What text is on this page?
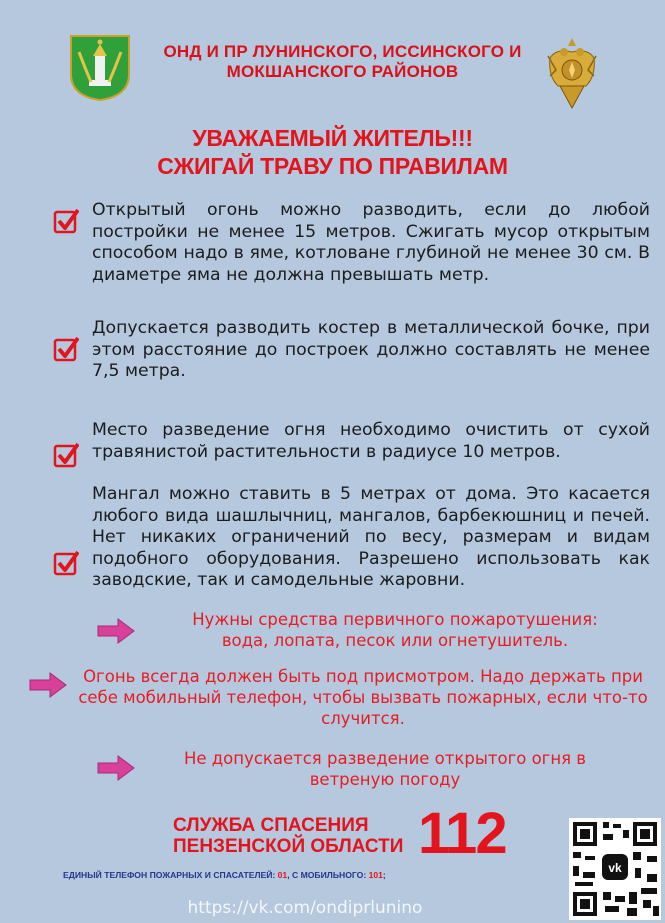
ОНД И ПР ЛУНИНСКОГО, ИССИНСКОГО И
МОКШАНСКОГО РАЙОНОВ
УВАЖАЕМЫЙ ЖИТЕЛЬ!!!
СЖИГАЙ ТРАВУ ПО ПРАВИЛАМ
Открытый огонь можно разводить, если до любой постройки не менее 15 метров. Сжигать мусор открытым способом надо в яме, котловане глубиной не менее 30 см. В диаметре яма не должна превышать метр.
Допускается разводить костер в металлической бочке, при этом расстояние до построек должно составлять не менее 7,5 метра.
Место разведение огня необходимо очистить от сухой травянистой растительности в радиусе 10 метров.
Мангал можно ставить в 5 метрах от дома. Это касается любого вида шашлычниц, мангалов, барбекюшниц и печей. Нет никаких ограничений по весу, размерам и видам подобного оборудования. Разрешено использовать как заводские, так и самодельные жаровни.
Нужны средства первичного пожаротушения:
вода, лопата, песок или огнетушитель.
Огонь всегда должен быть под присмотром. Надо держать при
себе мобильный телефон, чтобы вызвать пожарных, если что-то
случится.
Не допускается разведение открытого огня в
ветреную погоду
СЛУЖБА СПАСЕНИЯ
ПЕНЗЕНСКОЙ ОБЛАСТИ 112
ЕДИНЫЙ ТЕЛЕФОН ПОЖАРНЫХ И СПАСАТЕЛЕЙ: 01, С МОБИЛЬНОГО: 101;
https://vk.com/ondiprlunino
vk
